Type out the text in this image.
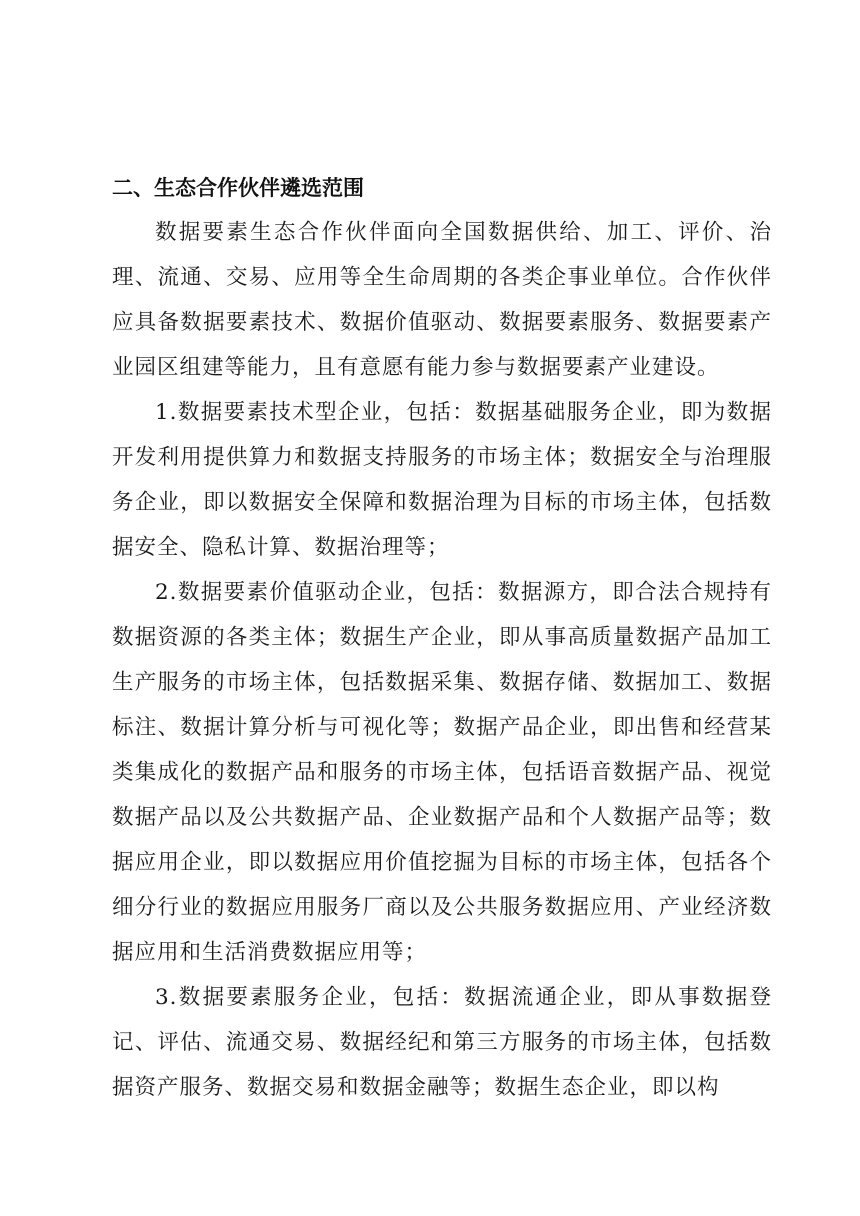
二、生态合作伙伴遴选范围

数据要素生态合作伙伴面向全国数据供给、加工、评价、治理、流通、交易、应用等全生命周期的各类企事业单位。合作伙伴应具备数据要素技术、数据价值驱动、数据要素服务、数据要素产业园区组建等能力，且有意愿有能力参与数据要素产业建设。

1.数据要素技术型企业，包括：数据基础服务企业，即为数据开发利用提供算力和数据支持服务的市场主体；数据安全与治理服务企业，即以数据安全保障和数据治理为目标的市场主体，包括数据安全、隐私计算、数据治理等；

2.数据要素价值驱动企业，包括：数据源方，即合法合规持有数据资源的各类主体；数据生产企业，即从事高质量数据产品加工生产服务的市场主体，包括数据采集、数据存储、数据加工、数据标注、数据计算分析与可视化等；数据产品企业，即出售和经营某类集成化的数据产品和服务的市场主体，包括语音数据产品、视觉数据产品以及公共数据产品、企业数据产品和个人数据产品等；数据应用企业，即以数据应用价值挖掘为目标的市场主体，包括各个细分行业的数据应用服务厂商以及公共服务数据应用、产业经济数据应用和生活消费数据应用等；

3.数据要素服务企业，包括：数据流通企业，即从事数据登记、评估、流通交易、数据经纪和第三方服务的市场主体，包括数据资产服务、数据交易和数据金融等；数据生态企业，即以构
